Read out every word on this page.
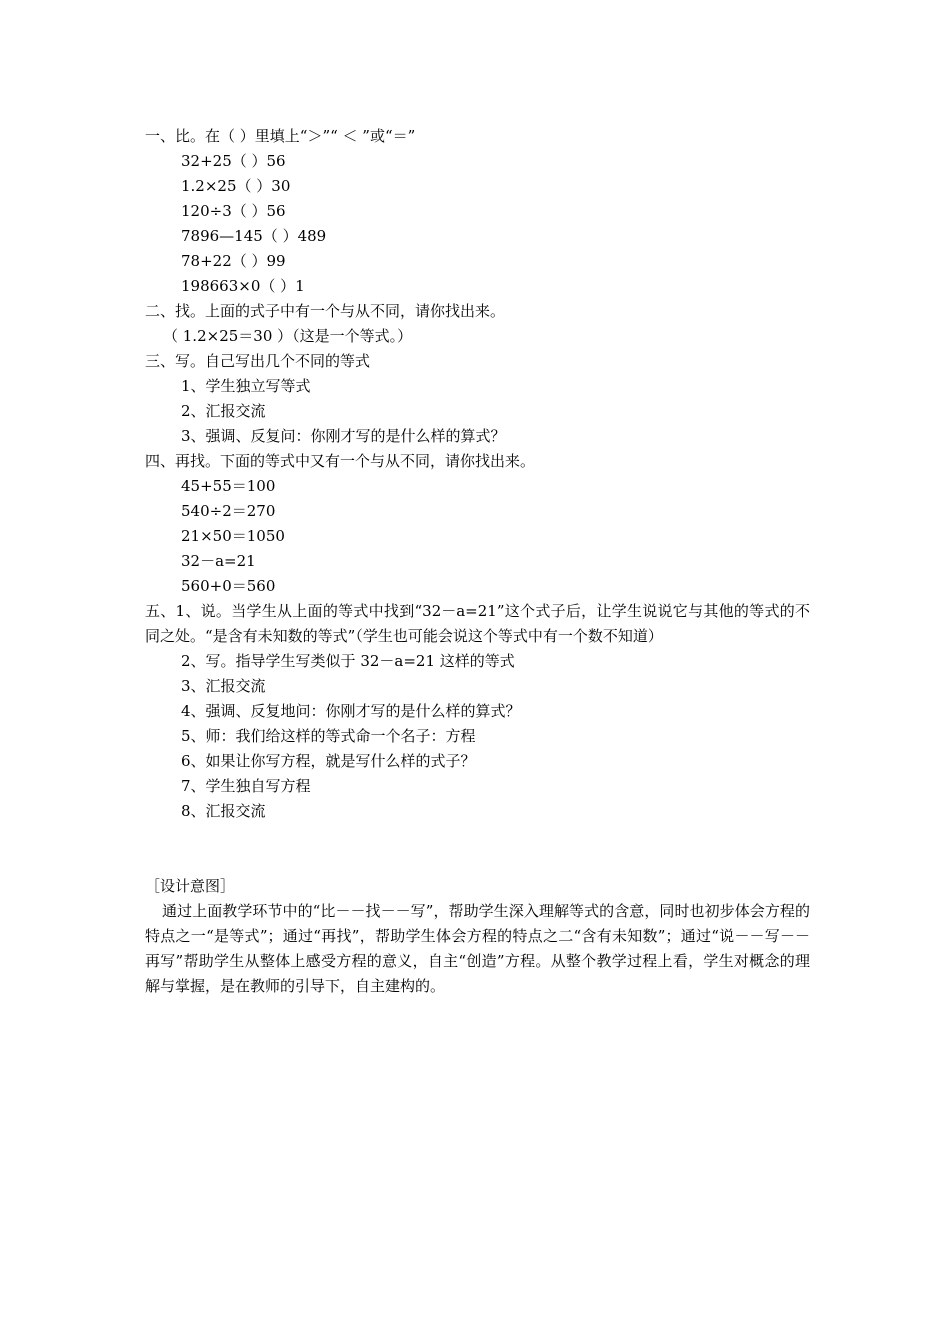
一、比。在（ ）里填上“＞”“ ＜ ”或“＝”
32+25（ ）56
1.2×25（ ）30
120÷3（ ）56
7896—145（ ）489
78+22（ ）99
198663×0（ ）1
二、找。上面的式子中有一个与从不同，请你找出来。
（ 1.2×25＝30 ）（这是一个等式。）
三、写。自己写出几个不同的等式
1、学生独立写等式
2、汇报交流
3、强调、反复问：你刚才写的是什么样的算式？
四、再找。下面的等式中又有一个与从不同，请你找出来。
45+55＝100
540÷2＝270
21×50＝1050
32－a=21
560+0＝560
五、1、说。当学生从上面的等式中找到“32－a=21”这个式子后，让学生说说它与其他的等式的不同之处。“是含有未知数的等式”（学生也可能会说这个等式中有一个数不知道）
2、写。指导学生写类似于 32－a=21 这样的等式
3、汇报交流
4、强调、反复地问：你刚才写的是什么样的算式？
5、师：我们给这样的等式命一个名子：方程
6、如果让你写方程，就是写什么样的式子？
7、学生独自写方程
8、汇报交流
［设计意图］
通过上面教学环节中的“比－－找－－写”，帮助学生深入理解等式的含意，同时也初步体会方程的特点之一“是等式”；通过“再找”，帮助学生体会方程的特点之二“含有未知数”；通过“说－－写－－再写”帮助学生从整体上感受方程的意义，自主“创造”方程。从整个教学过程上看，学生对概念的理解与掌握，是在教师的引导下，自主建构的。
